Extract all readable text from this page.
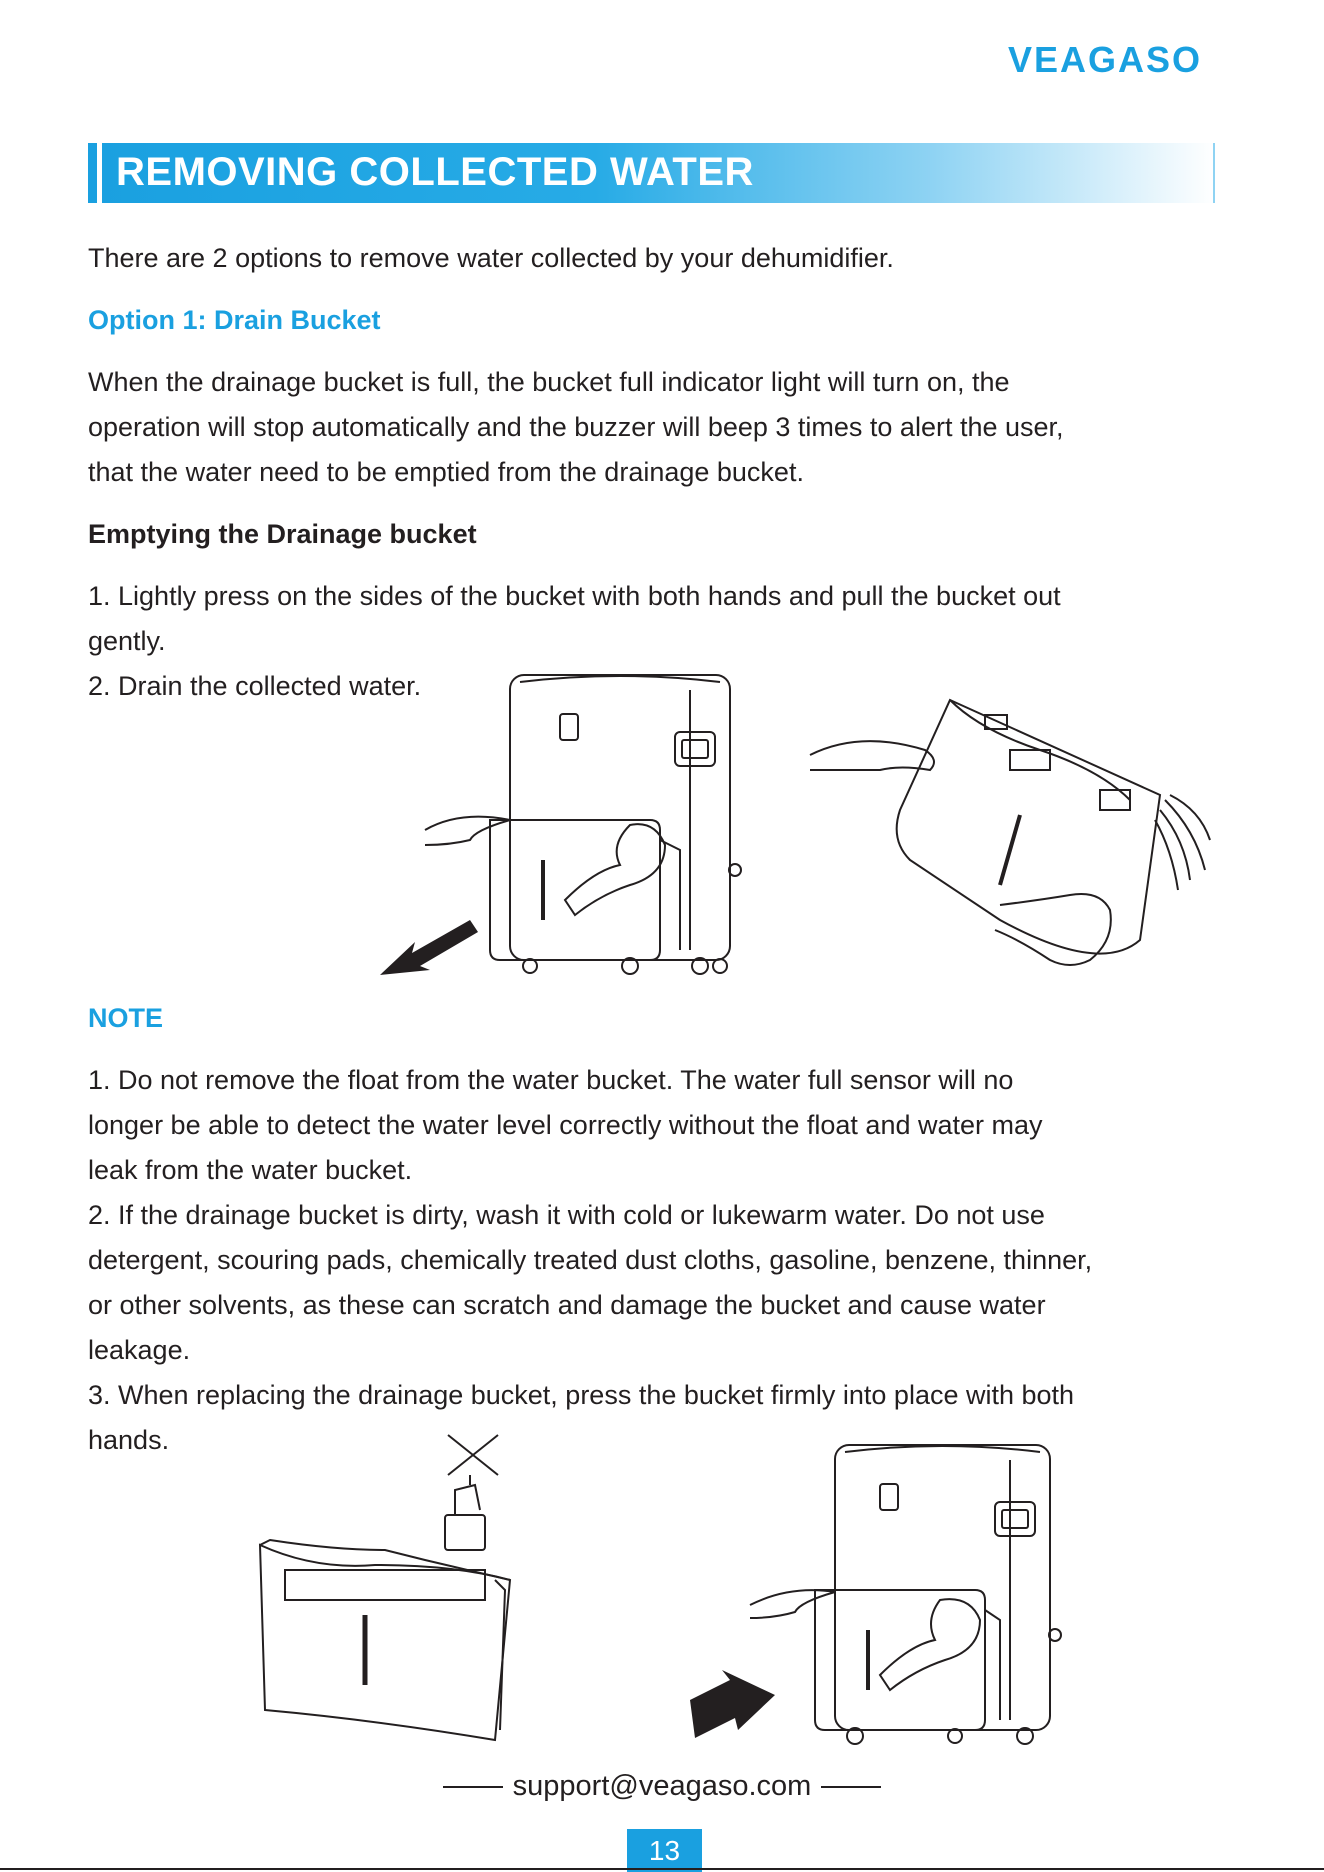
VEAGASO
REMOVING COLLECTED WATER

There are 2 options to remove water collected by your dehumidifier.

Option 1: Drain Bucket

When the drainage bucket is full, the bucket full indicator light will turn on, the

operation will stop automatically and the buzzer will beep 3 times to alert the user,

that the water need to be emptied from the drainage bucket.

Emptying the Drainage bucket

1. Lightly press on the sides of the bucket with both hands and pull the bucket out

gently.

2. Drain the collected water.

NOTE

1. Do not remove the float from the water bucket. The water full sensor will no

longer be able to detect the water level correctly without the float and water may

leak from the water bucket.

2. If the drainage bucket is dirty, wash it with cold or lukewarm water. Do not use

detergent, scouring pads, chemically treated dust cloths, gasoline, benzene, thinner,

or other solvents, as these can scratch and damage the bucket and cause water

leakage.

3. When replacing the drainage bucket, press the bucket firmly into place with both

hands.

support@veagaso.com
13
